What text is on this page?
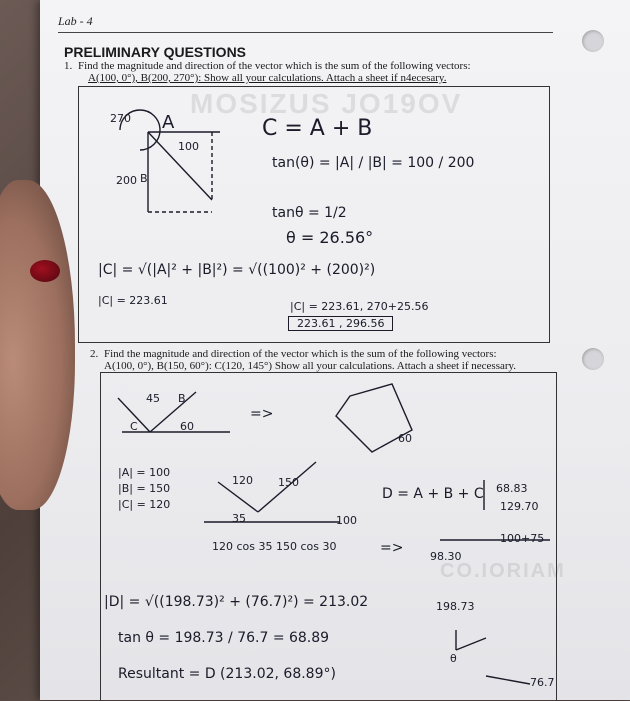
MOSIZUS JO19OV
CO.IORIAM
Lab - 4
PRELIMINARY QUESTIONS
1. Find the magnitude and direction of the vector which is the sum of the following vectors:
A(100, 0°), B(200, 270°): Show all your calculations. Attach a sheet if n4ecesary.
270 A
100
200 B
C = A + B
tan(θ) = |A| / |B| = 100 / 200
tanθ = 1/2
θ = 26.56°
|C| = √(|A|² + |B|²) = √((100)² + (200)²)
|C| = 223.61	|C| = 223.61, 270+25.56
223.61 , 296.56
2. Find the magnitude and direction of the vector which is the sum of the following vectors:
A(100, 0°), B(150, 60°): C(120, 145°) Show all your calculations. Attach a sheet if necessary.
45
60
B
C
=>
60
|A| = 100
|B| = 150
|C| = 120
120 150
35	100
120 cos 35 150 cos 30	=>
D = A + B + C 68.83
129.70
98.30
100+75
|D| = √((198.73)² + (76.7)²) = 213.02	198.73
tan θ = 198.73 / 76.7 = 68.89
Resultant = D (213.02, 68.89°)
θ
76.7
